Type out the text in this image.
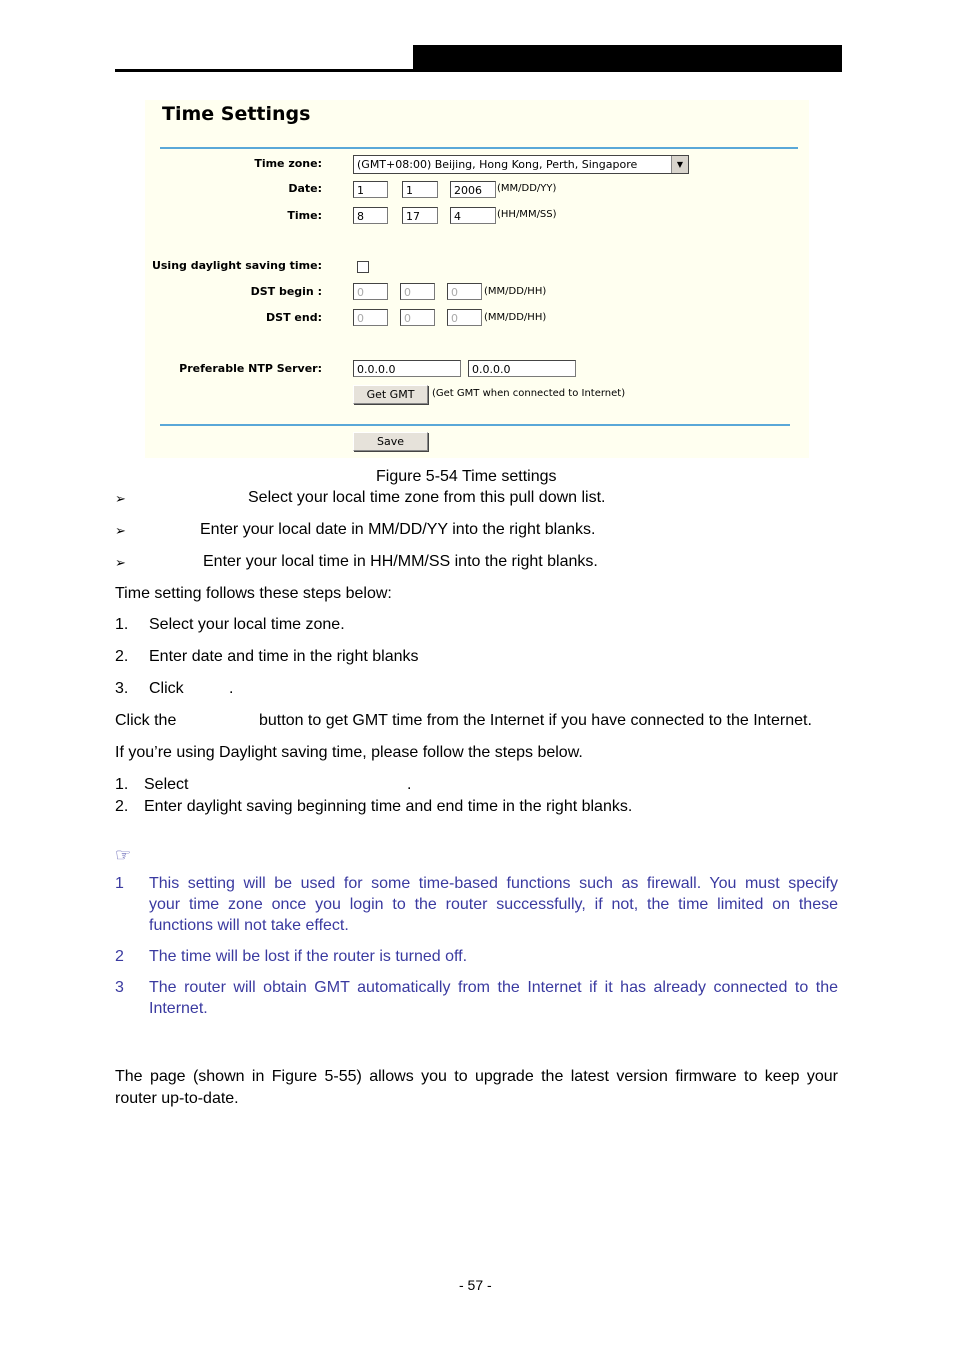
Time Settings
Time zone:	(GMT+08:00) Beijing, Hong Kong, Perth, Singapore	▼
Date:	1	1	2006	(MM/DD/YY)
Time:	8	17	4	(HH/MM/SS)
Using daylight saving time:
DST begin :	0	0	0	(MM/DD/HH)
DST end:	0	0	0	(MM/DD/HH)
Preferable NTP Server:	0.0.0.0	0.0.0.0
Get GMT	(Get GMT when connected to Internet)
Save
Figure 5-54 Time settings
➢	Select your local time zone from this pull down list.
➢	Enter your local date in MM/DD/YY into the right blanks.
➢	Enter your local time in HH/MM/SS into the right blanks.
Time setting follows these steps below:
1. Select your local time zone.
2. Enter date and time in the right blanks
3. Click	.
Click the	button to get GMT time from the Internet if you have connected to the Internet.
If you’re using Daylight saving time, please follow the steps below.
1. Select	.
2. Enter daylight saving beginning time and end time in the right blanks.
☞
1 This setting will be used for some time-based functions such as firewall. You must specify
your time zone once you login to the router successfully, if not, the time limited on these
functions will not take effect.
2 The time will be lost if the router is turned off.
3 The router will obtain GMT automatically from the Internet if it has already connected to the
Internet.
The page (shown in Figure 5-55) allows you to upgrade the latest version firmware to keep your
router up-to-date.
- 57 -
